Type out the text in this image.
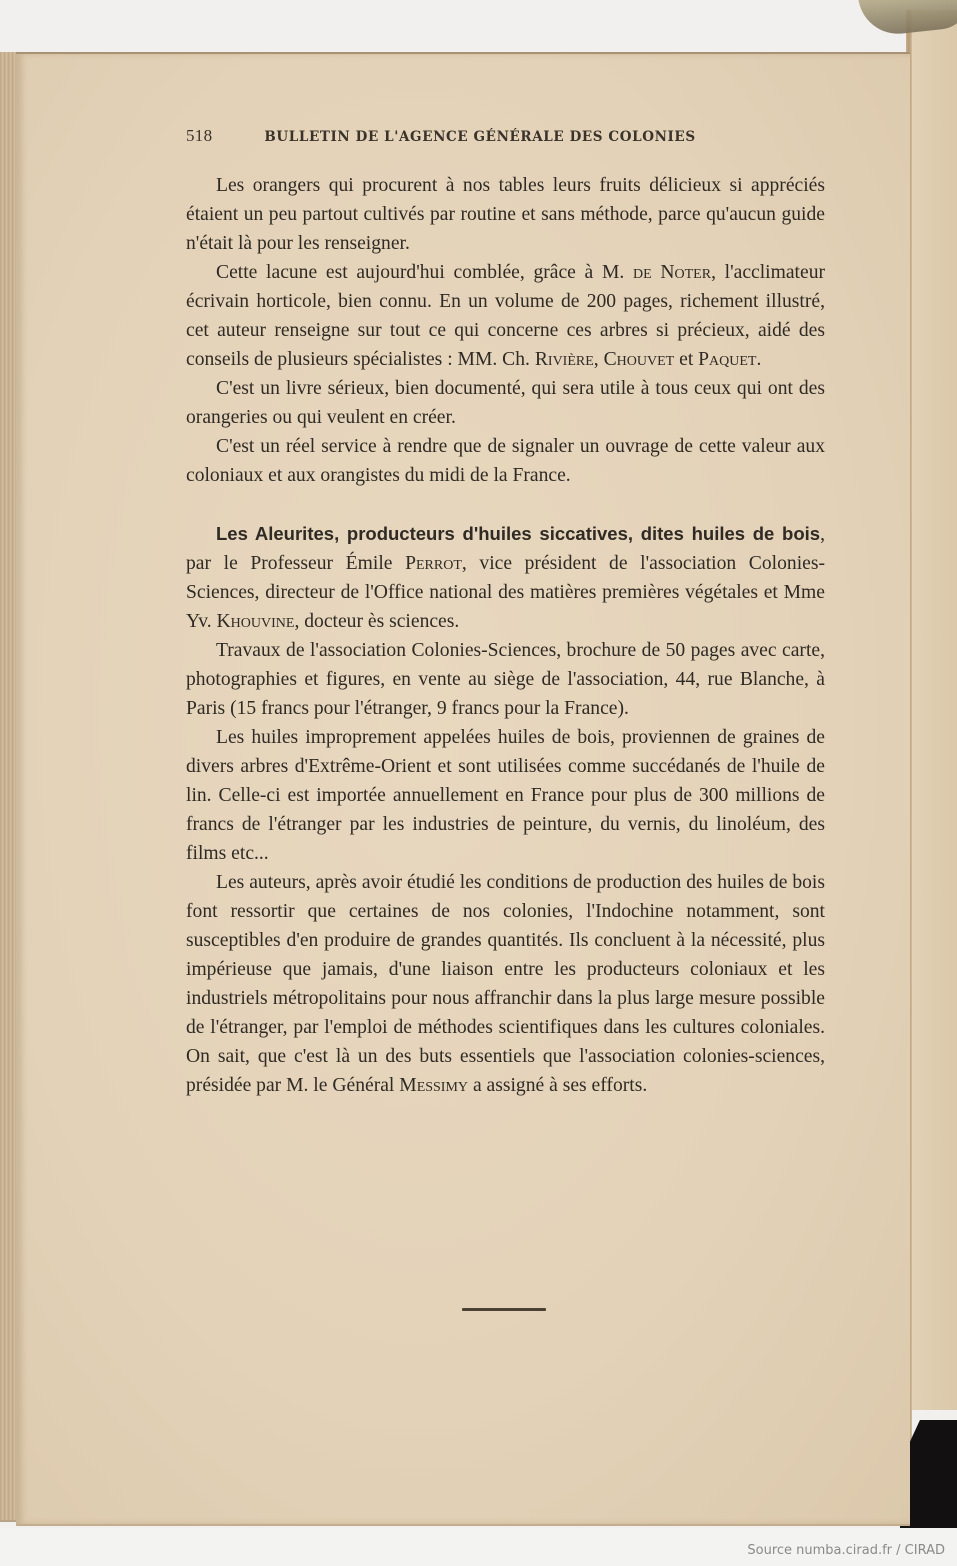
518	BULLETIN DE L'AGENCE GÉNÉRALE DES COLONIES

Les orangers qui procurent à nos tables leurs fruits délicieux si appréciés étaient un peu partout cultivés par routine et sans méthode, parce qu'aucun guide n'était là pour les renseigner.

Cette lacune est aujourd'hui comblée, grâce à M. de Noter, l'acclimateur écrivain horticole, bien connu. En un volume de 200 pages, richement illustré, cet auteur renseigne sur tout ce qui concerne ces arbres si précieux, aidé des conseils de plusieurs spécialistes : MM. Ch. Rivière, Chouvet et Paquet.

C'est un livre sérieux, bien documenté, qui sera utile à tous ceux qui ont des orangeries ou qui veulent en créer.

C'est un réel service à rendre que de signaler un ouvrage de cette valeur aux coloniaux et aux orangistes du midi de la France.

Les Aleurites, producteurs d'huiles siccatives, dites huiles de bois, par le Professeur Émile Perrot, vice président de l'association Colonies-Sciences, directeur de l'Office national des matières premières végétales et Mme Yv. Khouvine, docteur ès sciences.

Travaux de l'association Colonies-Sciences, brochure de 50 pages avec carte, photographies et figures, en vente au siège de l'association, 44, rue Blanche, à Paris (15 francs pour l'étranger, 9 francs pour la France).

Les huiles improprement appelées huiles de bois, proviennen de graines de divers arbres d'Extrême-Orient et sont utilisées comme succédanés de l'huile de lin. Celle-ci est importée annuellement en France pour plus de 300 millions de francs de l'étranger par les industries de peinture, du vernis, du linoléum, des films etc...

Les auteurs, après avoir étudié les conditions de production des huiles de bois font ressortir que certaines de nos colonies, l'Indochine notamment, sont susceptibles d'en produire de grandes quantités. Ils concluent à la nécessité, plus impérieuse que jamais, d'une liaison entre les producteurs coloniaux et les industriels métropolitains pour nous affranchir dans la plus large mesure possible de l'étranger, par l'emploi de méthodes scientifiques dans les cultures coloniales. On sait, que c'est là un des buts essentiels que l'association colonies-sciences, présidée par M. le Général Messimy a assigné à ses efforts.

Source numba.cirad.fr / CIRAD
